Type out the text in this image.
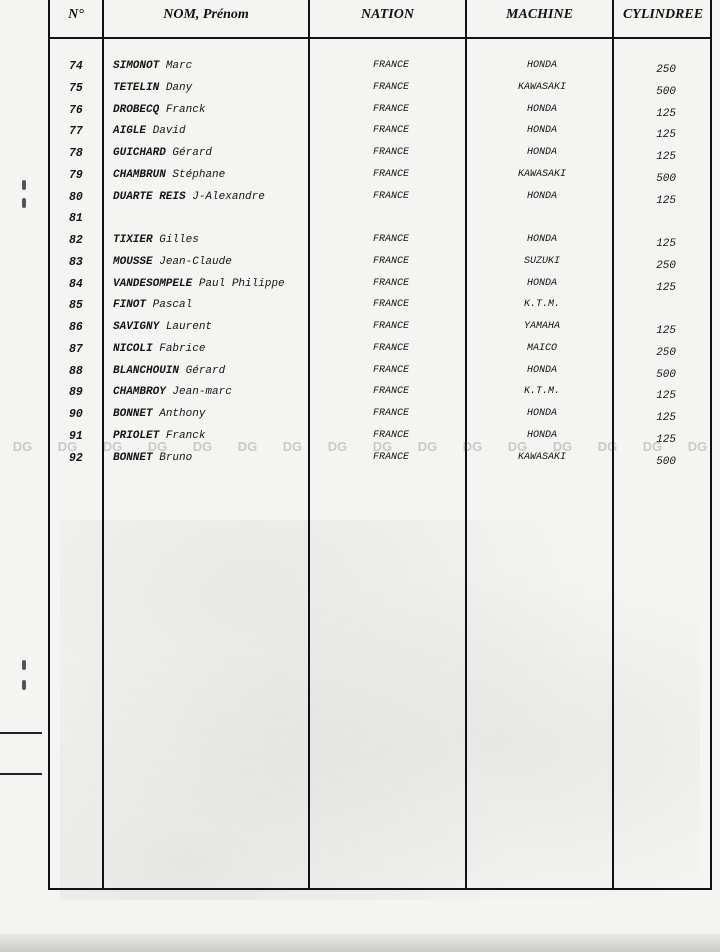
N°	NOM, Prénom	NATION	MACHINE	CYLINDREE
74	SIMONOT Marc	FRANCE	HONDA	250
75	TETELIN Dany	FRANCE	KAWASAKI	500
76	DROBECQ Franck	FRANCE	HONDA	125
77	AIGLE David	FRANCE	HONDA	125
78	GUICHARD Gérard	FRANCE	HONDA	125
79	CHAMBRUN Stéphane	FRANCE	KAWASAKI	500
80	DUARTE REIS J-Alexandre	FRANCE	HONDA	125
81
82	TIXIER Gilles	FRANCE	HONDA	125
83	MOUSSE Jean-Claude	FRANCE	SUZUKI	250
84	VANDESOMPELE Paul Philippe	FRANCE	HONDA	125
85	FINOT Pascal	FRANCE	K.T.M.
86	SAVIGNY Laurent	FRANCE	YAMAHA	125
87	NICOLI Fabrice	FRANCE	MAICO	250
88	BLANCHOUIN Gérard	FRANCE	HONDA	500
89	CHAMBROY Jean-marc	FRANCE	K.T.M.	125
90	BONNET Anthony	FRANCE	HONDA	125
91	PRIOLET Franck	FRANCE	HONDA	125
92	BONNET Bruno	FRANCE	KAWASAKI	500
DG	DG	DG	DG	DG	DG	DG	DG	DG	DG	DG	DG	DG	DG	DG	DG
